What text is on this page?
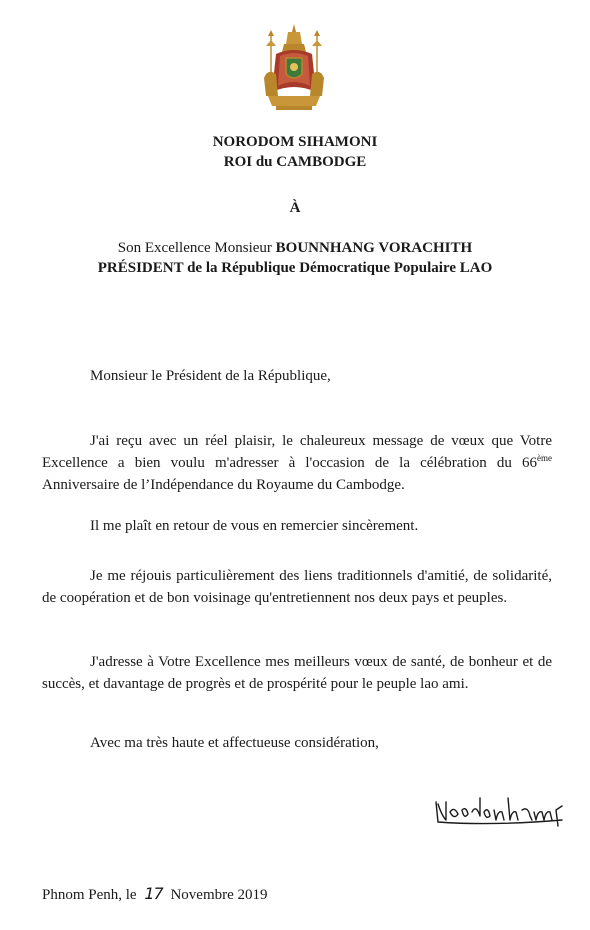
NORODOM SIHAMONI
ROI du CAMBODGE
À
Son Excellence Monsieur BOUNNHANG VORACHITH
PRÉSIDENT de la République Démocratique Populaire LAO
Monsieur le Président de la République,
J'ai reçu avec un réel plaisir, le chaleureux message de vœux que Votre Excellence a bien voulu m'adresser à l'occasion de la célébration du 66ème Anniversaire de l’Indépendance du Royaume du Cambodge.
Il me plaît en retour de vous en remercier sincèrement.
Je me réjouis particulièrement des liens traditionnels d'amitié, de solidarité, de coopération et de bon voisinage qu'entretiennent nos deux pays et peuples.
J'adresse à Votre Excellence mes meilleurs vœux de santé, de bonheur et de succès, et davantage de progrès et de prospérité pour le peuple lao ami.
Avec ma très haute et affectueuse considération,
Phnom Penh, le 17 Novembre 2019
